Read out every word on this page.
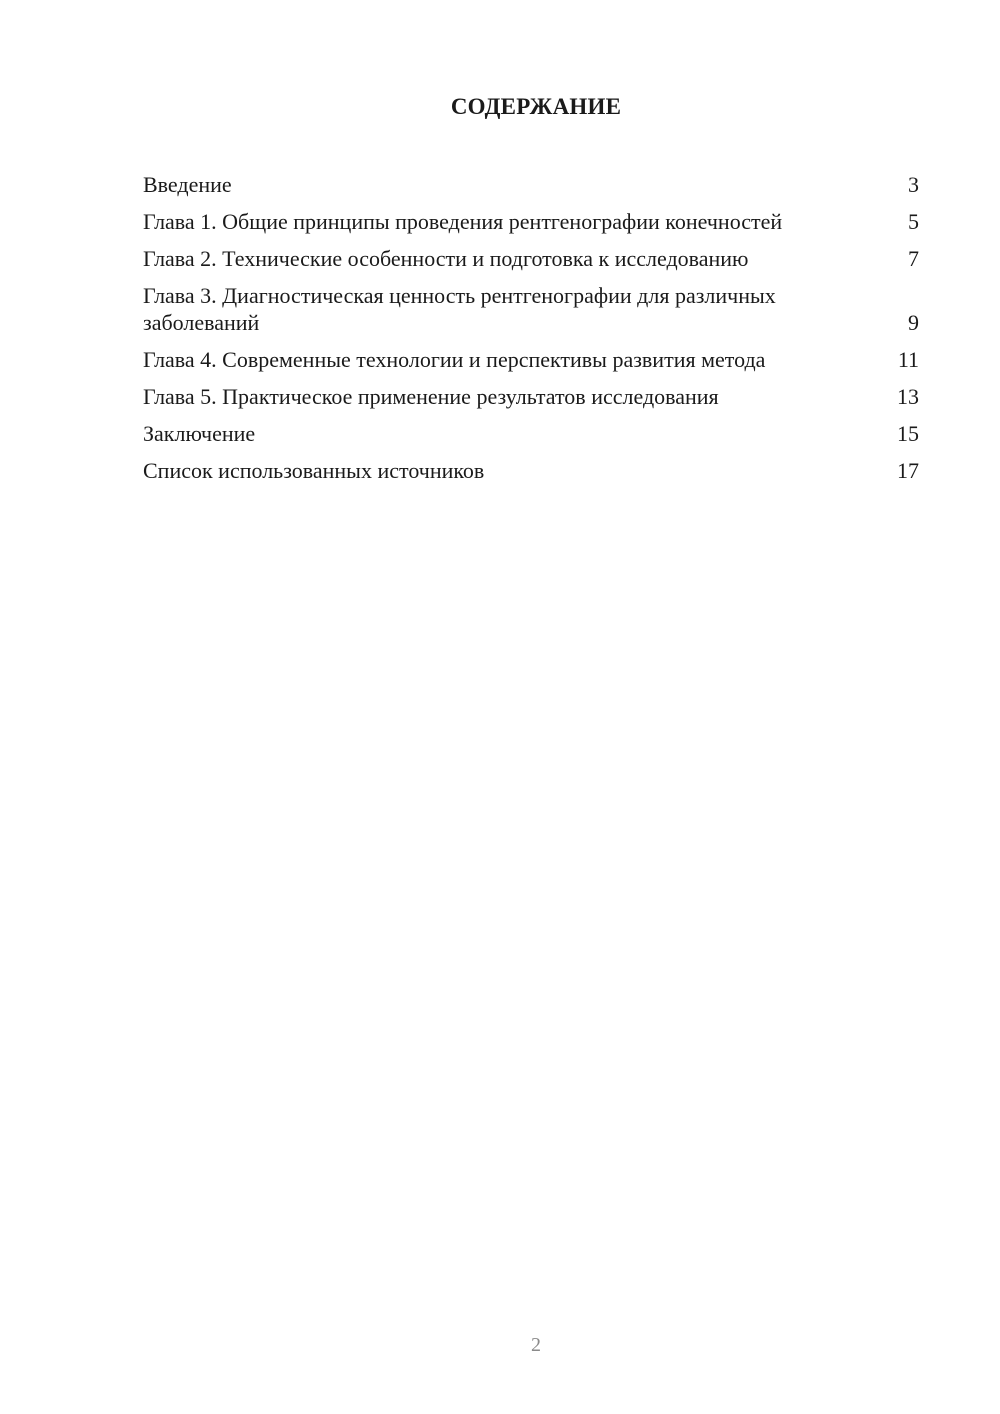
СОДЕРЖАНИЕ
Введение	3
Глава 1. Общие принципы проведения рентгенографии конечностей	5
Глава 2. Технические особенности и подготовка к исследованию	7
Глава 3. Диагностическая ценность рентгенографии для различных заболеваний	9
Глава 4. Современные технологии и перспективы развития метода	11
Глава 5. Практическое применение результатов исследования	13
Заключение	15
Список использованных источников	17
2
